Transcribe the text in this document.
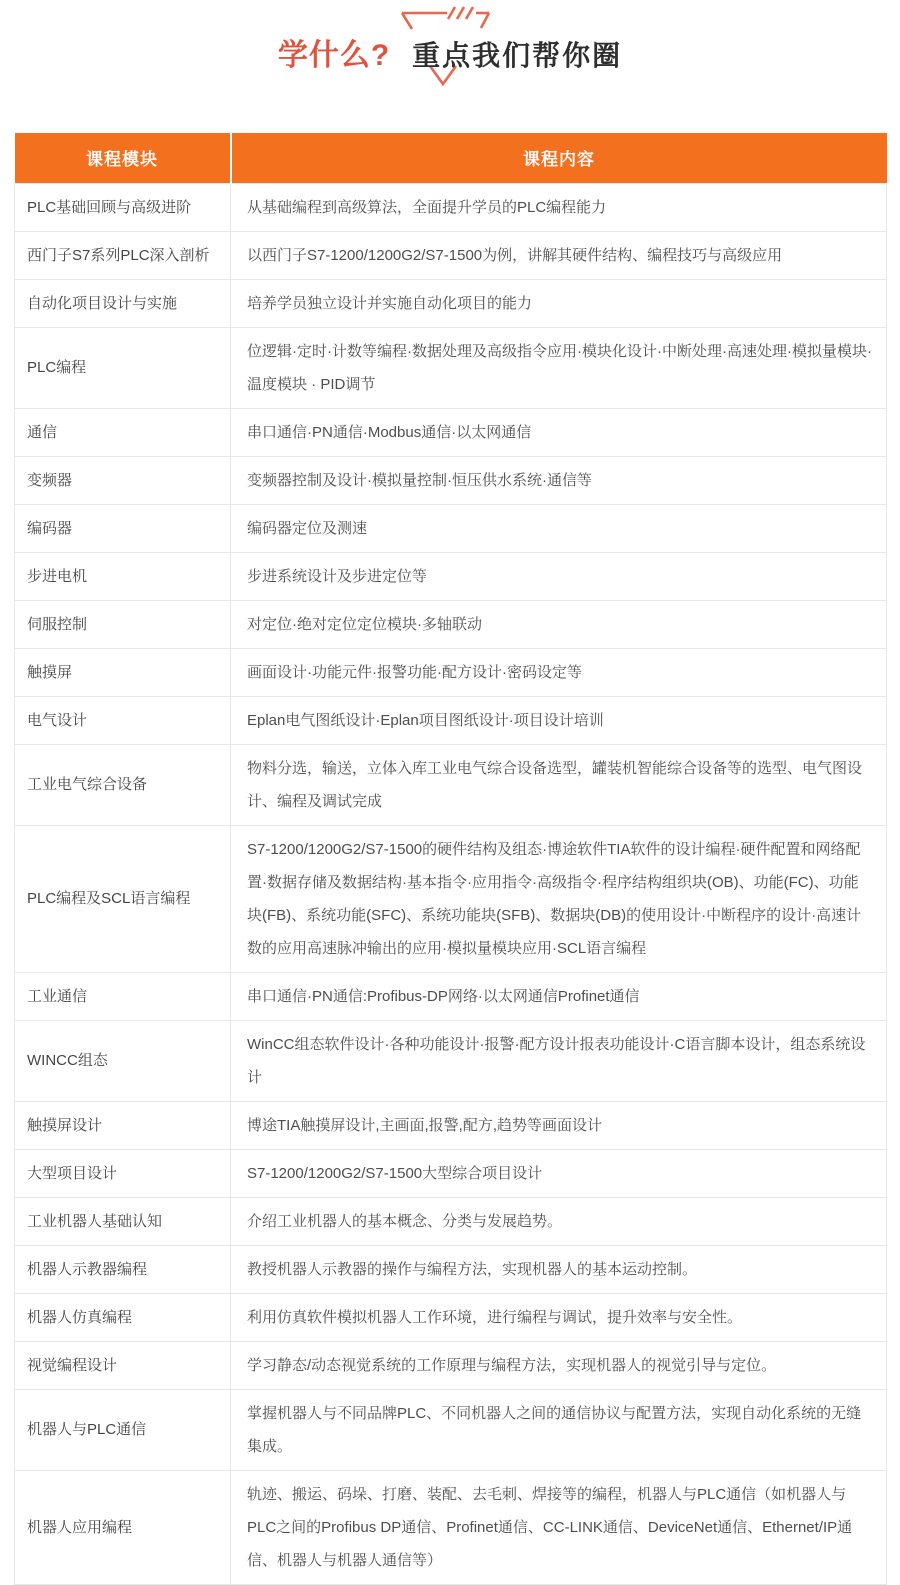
学什么? 重点我们帮你圈
课程模块	课程内容
PLC基础回顾与高级进阶	从基础编程到高级算法，全面提升学员的PLC编程能力
西门子S7系列PLC深入剖析	以西门子S7-1200/1200G2/S7-1500为例，讲解其硬件结构、编程技巧与高级应用
自动化项目设计与实施	培养学员独立设计并实施自动化项目的能力
PLC编程	位逻辑·定时·计数等编程·数据处理及高级指令应用·模块化设计·中断处理·高速处理·模拟量模块·温度模块 · PID调节
通信	串口通信·PN通信·Modbus通信·以太网通信
变频器	变频器控制及设计·模拟量控制·恒压供水系统·通信等
编码器	编码器定位及测速
步进电机	步进系统设计及步进定位等
伺服控制	对定位·绝对定位定位模块·多轴联动
触摸屏	画面设计·功能元件·报警功能·配方设计·密码设定等
电气设计	Eplan电气图纸设计·Eplan项目图纸设计·项目设计培训
工业电气综合设备	物料分选，输送，立体入库工业电气综合设备选型，罐装机智能综合设备等的选型、电气图设计、编程及调试完成
PLC编程及SCL语言编程	S7-1200/1200G2/S7-1500的硬件结构及组态·博途软件TIA软件的设计编程·硬件配置和网络配置·数据存储及数据结构·基本指令·应用指令·高级指令·程序结构组织块(OB)、功能(FC)、功能块(FB)、系统功能(SFC)、系统功能块(SFB)、数据块(DB)的使用设计·中断程序的设计·高速计数的应用高速脉冲输出的应用·模拟量模块应用·SCL语言编程
工业通信	串口通信·PN通信:Profibus-DP网络·以太网通信Profinet通信
WINCC组态	WinCC组态软件设计·各种功能设计·报警·配方设计报表功能设计·C语言脚本设计，组态系统设计
触摸屏设计	博途TIA触摸屏设计,主画面,报警,配方,趋势等画面设计
大型项目设计	S7-1200/1200G2/S7-1500大型综合项目设计
工业机器人基础认知	介绍工业机器人的基本概念、分类与发展趋势。
机器人示教器编程	教授机器人示教器的操作与编程方法，实现机器人的基本运动控制。
机器人仿真编程	利用仿真软件模拟机器人工作环境，进行编程与调试，提升效率与安全性。
视觉编程设计	学习静态/动态视觉系统的工作原理与编程方法，实现机器人的视觉引导与定位。
机器人与PLC通信	掌握机器人与不同品牌PLC、不同机器人之间的通信协议与配置方法，实现自动化系统的无缝集成。
机器人应用编程	轨迹、搬运、码垛、打磨、装配、去毛刺、焊接等的编程，机器人与PLC通信（如机器人与PLC之间的Profibus DP通信、Profinet通信、CC-LINK通信、DeviceNet通信、Ethernet/IP通信、机器人与机器人通信等）
